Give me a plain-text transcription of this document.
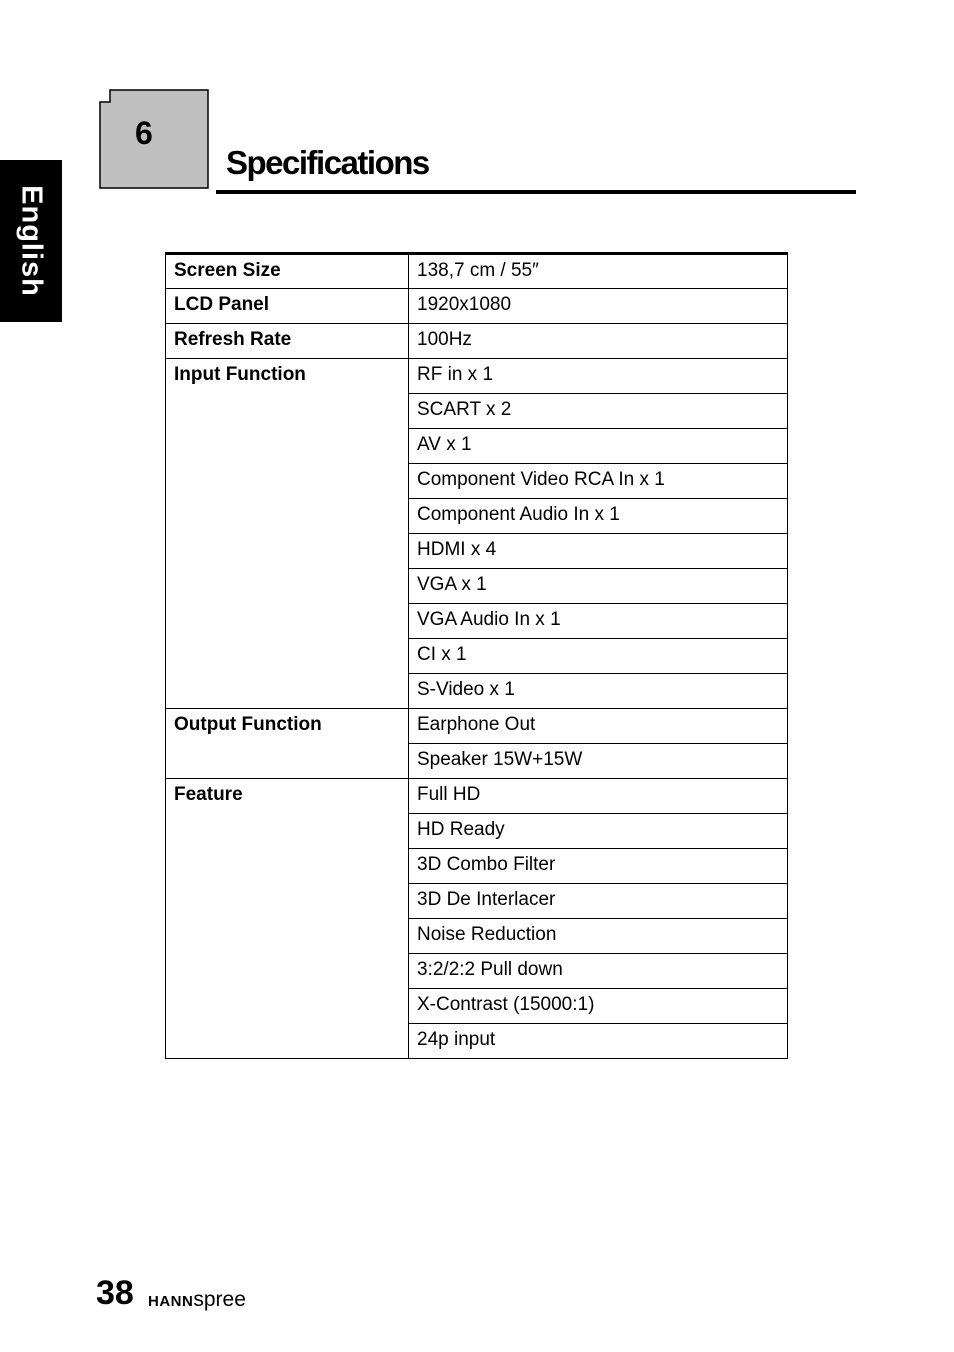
English
6
Specifications
Screen Size	138,7 cm / 55″
LCD Panel	1920x1080
Refresh Rate	100Hz
Input Function	RF in x 1
	SCART x 2
	AV x 1
	Component Video RCA In x 1
	Component Audio In x 1
	HDMI x 4
	VGA x 1
	VGA Audio In x 1
	CI x 1
	S-Video x 1
Output Function	Earphone Out
	Speaker 15W+15W
Feature	Full HD
	HD Ready
	3D Combo Filter
	3D De Interlacer
	Noise Reduction
	3:2/2:2 Pull down
	X-Contrast (15000:1)
	24p input
38 HANNspree
